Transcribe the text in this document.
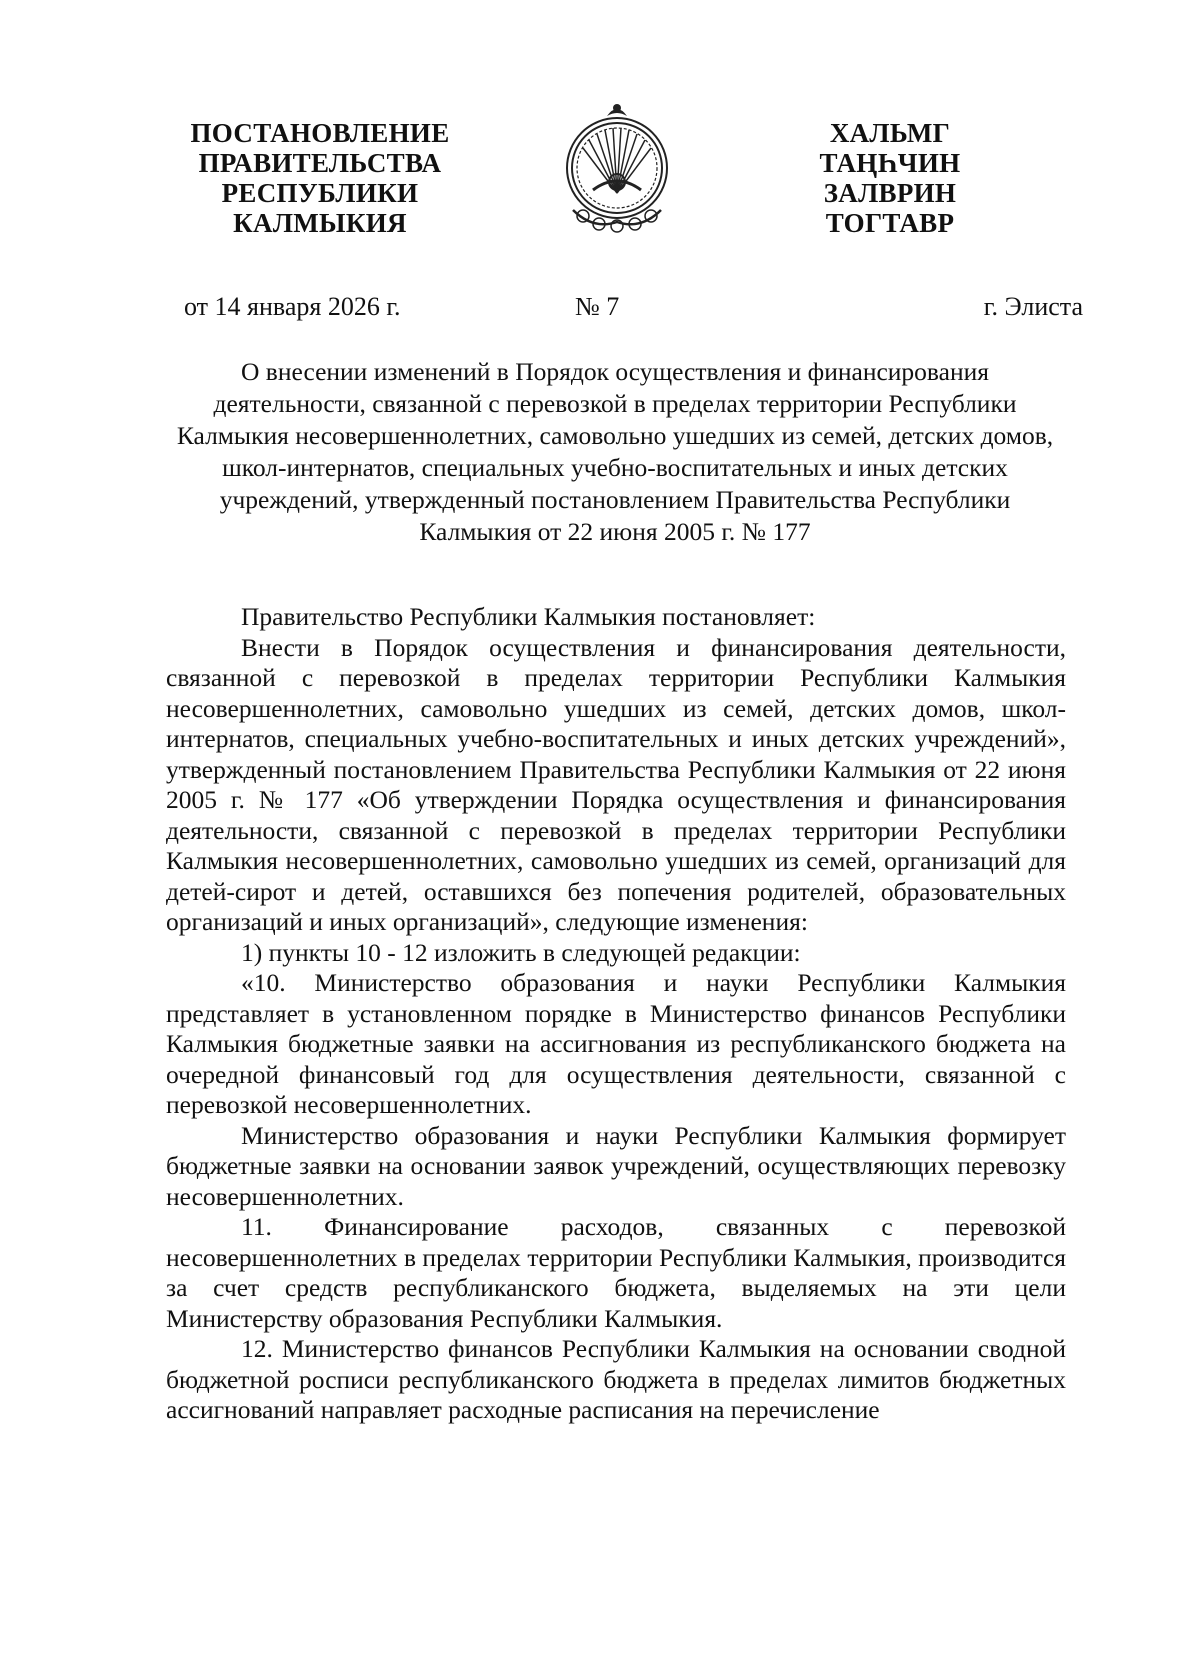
ПОСТАНОВЛЕНИЕ
ПРАВИТЕЛЬСТВА
РЕСПУБЛИКИ
КАЛМЫКИЯ
ХАЛЬМГ
ТАҢҺЧИН
ЗАЛВРИН
ТОГТАВР
от 14 января 2026 г.	№ 7	г. Элиста
О внесении изменений в Порядок осуществления и финансирования
деятельности, связанной с перевозкой в пределах территории Республики
Калмыкия несовершеннолетних, самовольно ушедших из семей, детских домов,
школ-интернатов, специальных учебно-воспитательных и иных детских
учреждений, утвержденный постановлением Правительства Республики
Калмыкия от 22 июня 2005 г. № 177

Правительство Республики Калмыкия постановляет:

Внести в Порядок осуществления и финансирования деятельности, связанной с перевозкой в пределах территории Республики Калмыкия несовершеннолетних, самовольно ушедших из семей, детских домов, школ-интернатов, специальных учебно-воспитательных и иных детских учреждений», утвержденный постановлением Правительства Республики Калмыкия от 22 июня 2005 г. № 177 «Об утверждении Порядка осуществления и финансирования деятельности, связанной с перевозкой в пределах территории Республики Калмыкия несовершеннолетних, самовольно ушедших из семей, организаций для детей-сирот и детей, оставшихся без попечения родителей, образовательных организаций и иных организаций», следующие изменения:

1) пункты 10 - 12 изложить в следующей редакции:

«10. Министерство образования и науки Республики Калмыкия представляет в установленном порядке в Министерство финансов Республики Калмыкия бюджетные заявки на ассигнования из республиканского бюджета на очередной финансовый год для осуществления деятельности, связанной с перевозкой несовершеннолетних.

Министерство образования и науки Республики Калмыкия формирует бюджетные заявки на основании заявок учреждений, осуществляющих перевозку несовершеннолетних.

11. Финансирование расходов, связанных с перевозкой несовершеннолетних в пределах территории Республики Калмыкия, производится за счет средств республиканского бюджета, выделяемых на эти цели Министерству образования Республики Калмыкия.

12. Министерство финансов Республики Калмыкия на основании сводной бюджетной росписи республиканского бюджета в пределах лимитов бюджетных ассигнований направляет расходные расписания на перечисление
